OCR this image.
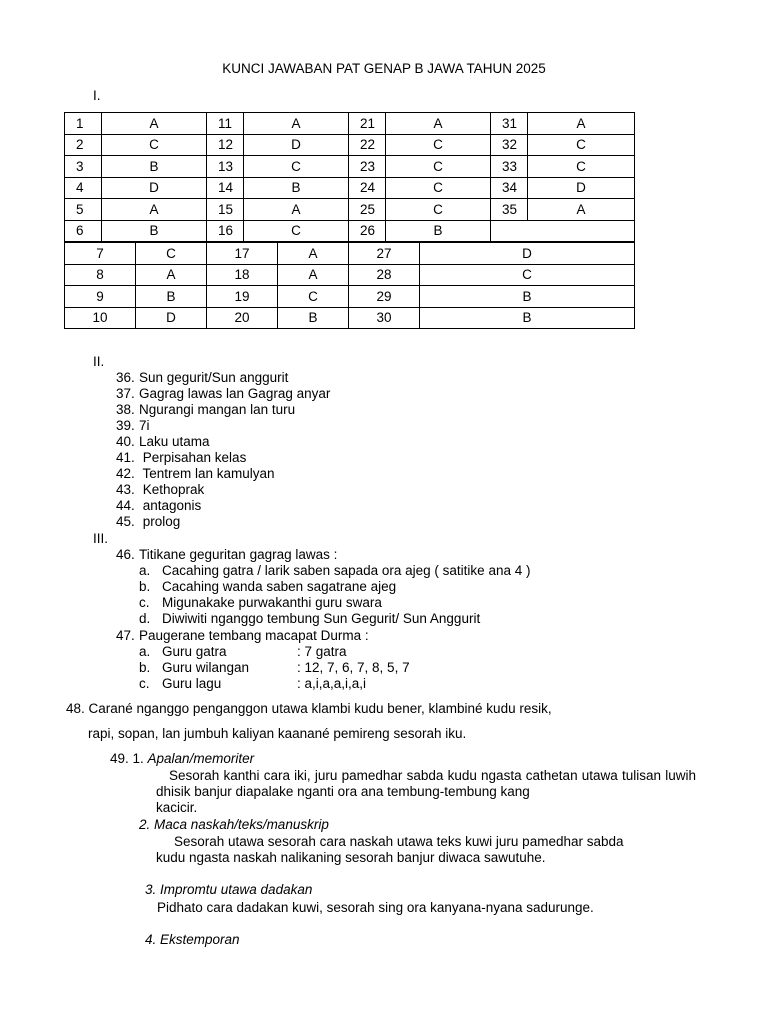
KUNCI JAWABAN PAT GENAP B JAWA TAHUN 2025
I.
1	A	11	A	21	A	31	A
2	C	12	D	22	C	32	C
3	B	13	C	23	C	33	C
4	D	14	B	24	C	34	D
5	A	15	A	25	C	35	A
6	B	16	C	26	B		
7	C	17	A	27	D
8	A	18	A	28	C
9	B	19	C	29	B
10	D	20	B	30	B
II.
36. Sun gegurit/Sun anggurit
37. Gagrag lawas lan Gagrag anyar
38. Ngurangi mangan lan turu
39. 7i
40. Laku utama
41. Perpisahan kelas
42. Tentrem lan kamulyan
43. Kethoprak
44. antagonis
45. prolog
III.
46. Titikane geguritan gagrag lawas :
a. Cacahing gatra / larik saben sapada ora ajeg ( satitike ana 4 )
b. Cacahing wanda saben sagatrane ajeg
c. Migunakake purwakanthi guru swara
d. Diwiwiti nganggo tembung Sun Gegurit/ Sun Anggurit
47. Paugerane tembang macapat Durma :
a. Guru gatra	: 7 gatra
b. Guru wilangan	: 12, 7, 6, 7, 8, 5, 7
c. Guru lagu	: a,i,a,a,i,a,i
48. Carané nganggo penganggon utawa klambi kudu bener, klambiné kudu resik,
rapi, sopan, lan jumbuh kaliyan kaanané pemireng sesorah iku.
49. 1. Apalan/memoriter
Sesorah kanthi cara iki, juru pamedhar sabda kudu ngasta cathetan utawa tulisan luwih dhisik banjur diapalake nganti ora ana tembung-tembung kang
kacicir.
2. Maca naskah/teks/manuskrip
Sesorah utawa sesorah cara naskah utawa teks kuwi juru pamedhar sabda
kudu ngasta naskah nalikaning sesorah banjur diwaca sawutuhe.
3. Impromtu utawa dadakan
Pidhato cara dadakan kuwi, sesorah sing ora kanyana-nyana sadurunge.
4. Ekstemporan
